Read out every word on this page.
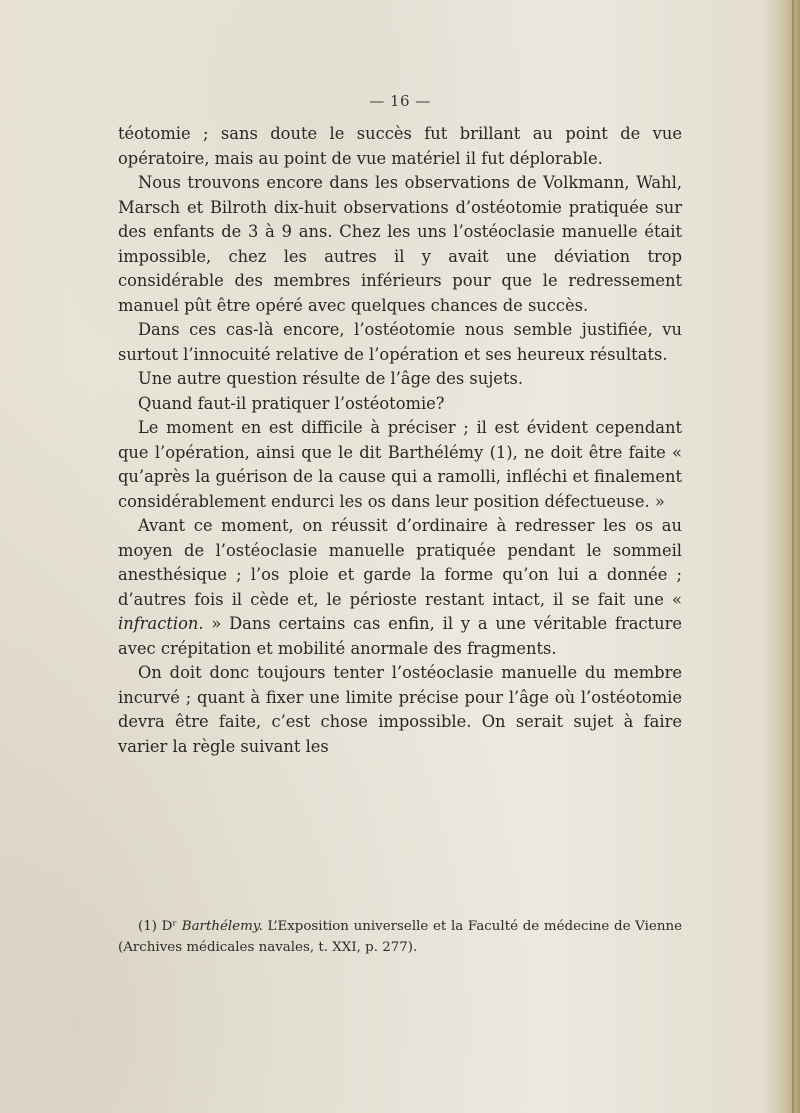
— 16 —

téotomie ; sans doute le succès fut brillant au point de vue opératoire, mais au point de vue matériel il fut déplorable.

Nous trouvons encore dans les observations de Volkmann, Wahl, Marsch et Bilroth dix-huit observations d’ostéotomie pratiquée sur des enfants de 3 à 9 ans. Chez les uns l’ostéoclasie manuelle était impossible, chez les autres il y avait une déviation trop considérable des membres inférieurs pour que le redressement manuel pût être opéré avec quelques chances de succès.

Dans ces cas-là encore, l’ostéotomie nous semble justifiée, vu surtout l’innocuité relative de l’opération et ses heureux résultats.

Une autre question résulte de l’âge des sujets.

Quand faut-il pratiquer l’ostéotomie?

Le moment en est difficile à préciser ; il est évident cependant que l’opération, ainsi que le dit Barthélémy (1), ne doit être faite « qu’après la guérison de la cause qui a ramolli, infléchi et finalement considérablement endurci les os dans leur position défectueuse. »

Avant ce moment, on réussit d’ordinaire à redresser les os au moyen de l’ostéoclasie manuelle pratiquée pendant le sommeil anesthésique ; l’os ploie et garde la forme qu’on lui a donnée ; d’autres fois il cède et, le périoste restant intact, il se fait une « infraction. » Dans certains cas enfin, il y a une véritable fracture avec crépitation et mobilité anormale des fragments.

On doit donc toujours tenter l’ostéoclasie manuelle du membre incurvé ; quant à fixer une limite précise pour l’âge où l’ostéotomie devra être faite, c’est chose impossible. On serait sujet à faire varier la règle suivant les

(1) Dʳ Barthélemy. L’Exposition universelle et la Faculté de médecine de Vienne (Archives médicales navales, t. XXI, p. 277).
